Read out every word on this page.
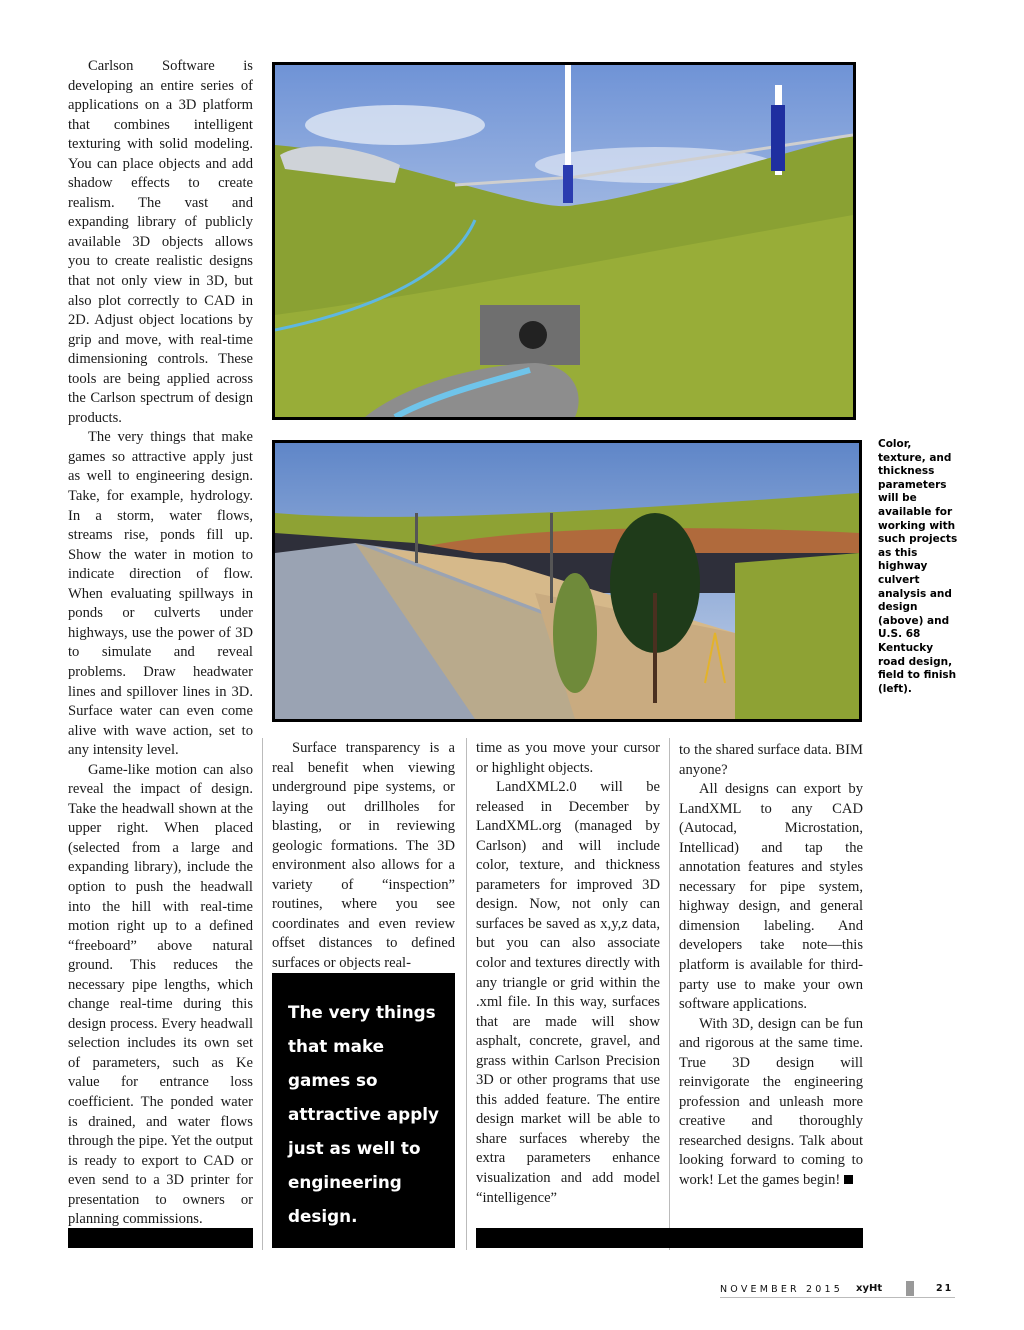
Carlson Software is developing an entire series of applications on a 3D platform that combines intelligent texturing with solid modeling. You can place objects and add shadow effects to create realism. The vast and expanding library of publicly available 3D objects allows you to create realistic designs that not only view in 3D, but also plot correctly to CAD in 2D. Adjust object locations by grip and move, with real-time dimensioning controls. These tools are being applied across the Carlson spectrum of design products.

The very things that make games so attractive apply just as well to engineering design. Take, for example, hydrology. In a storm, water flows, streams rise, ponds fill up. Show the water in motion to indicate direction of flow. When evaluating spillways in ponds or culverts under highways, use the power of 3D to simulate and reveal problems. Draw headwater lines and spillover lines in 3D. Surface water can even come alive with wave action, set to any intensity level.

Game-like motion can also reveal the impact of design. Take the headwall shown at the upper right. When placed (selected from a large and expanding library), include the option to push the headwall into the hill with real-time motion right up to a defined “freeboard” above natural ground. This reduces the necessary pipe lengths, which change real-time during this design process. Every headwall selection includes its own set of parameters, such as Ke value for entrance loss coefficient. The ponded water is drained, and water flows through the pipe. Yet the output is ready to export to CAD or even send to a 3D printer for presentation to owners or planning commissions.

Surface transparency is a real benefit when viewing underground pipe systems, or laying out drillholes for blasting, or in reviewing geologic formations. The 3D environment also allows for a variety of “inspection” routines, where you see coordinates and even review offset distances to defined surfaces or objects real-

time as you move your cursor or highlight objects.

LandXML2.0 will be released in December by LandXML.org (managed by Carlson) and will include color, texture, and thickness parameters for improved 3D design. Now, not only can surfaces be saved as x,y,z data, but you can also associate color and textures directly with any triangle or grid within the .xml file. In this way, surfaces that are made will show asphalt, concrete, gravel, and grass within Carlson Precision 3D or other programs that use this added feature. The entire design market will be able to share surfaces whereby the extra parameters enhance visualization and add model “intelligence”

to the shared surface data. BIM anyone?

All designs can export by LandXML to any CAD (Autocad, Microstation, Intellicad) and tap the annotation features and styles necessary for pipe system, highway design, and general dimension labeling. And developers take note—this platform is available for third-party use to make your own software applications.

With 3D, design can be fun and rigorous at the same time. True 3D design will reinvigorate the engineering profession and unleash more creative and thoroughly researched designs. Talk about looking forward to coming to work! Let the games begin!

Color, texture, and thickness parameters will be available for working with such projects as this highway culvert analysis and design (above) and U.S. 68 Kentucky road design, field to finish (left).
The very things that make games so attractive apply just as well to engineering design.
NOVEMBER 2015 xyHt	21
